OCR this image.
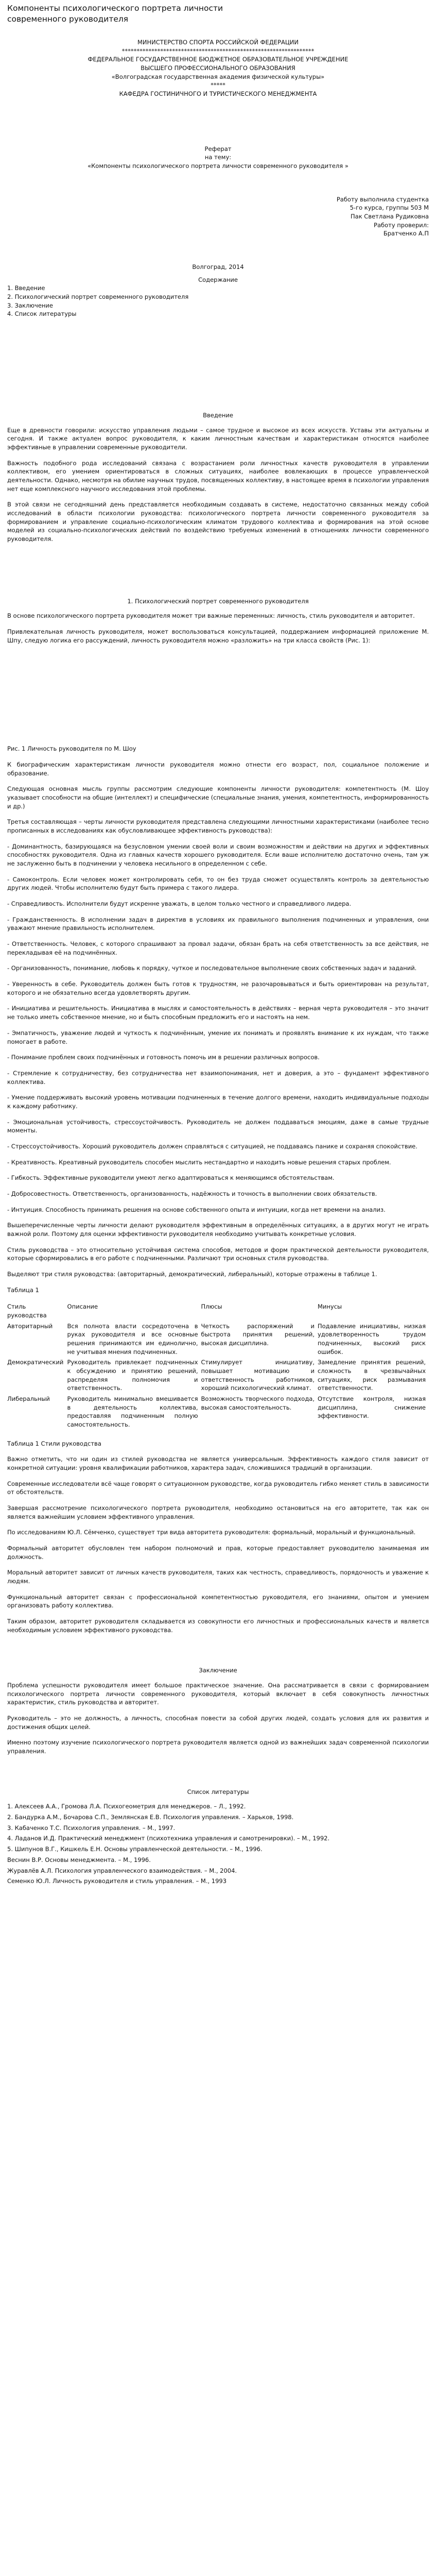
Компоненты психологического портрета личности современного руководителя

МИНИСТЕРСТВО СПОРТА РОССИЙСКОЙ ФЕДЕРАЦИИ

*****************************************************************

ФЕДЕРАЛЬНОЕ ГОСУДАРСТВЕННОЕ БЮДЖЕТНОЕ ОБРАЗОВАТЕЛЬНОЕ УЧРЕЖДЕНИЕ

ВЫСШЕГО ПРОФЕССИОНАЛЬНОГО ОБРАЗОВАНИЯ

«Волгоградская государственная академия физической культуры»

*****

КАФЕДРА ГОСТИНИЧНОГО И ТУРИСТИЧЕСКОГО МЕНЕДЖМЕНТА

Реферат

на тему:

«Компоненты психологического портрета личности современного руководителя »

Работу выполнила студентка
5-го курса, группы 503 М
Пак Светлана Рудиковна
Работу проверил:
Братченко А.П

Волгоград, 2014

Содержание

1. Введение
2. Психологический портрет современного руководителя
3. Заключение
4. Список литературы

Введение

Еще в древности говорили: искусство управления людьми – самое трудное и высокое из всех искусств. Уставы эти актуальны и сегодня. И также актуален вопрос руководителя, к каким личностным качествам и характеристикам относятся наиболее эффективные в управлении современные руководители.

Важность подобного рода исследований связана с возрастанием роли личностных качеств руководителя в управлении коллективом, его умением ориентироваться в сложных ситуациях, наиболее вовлекающих в процессе управленческой деятельности. Однако, несмотря на обилие научных трудов, посвященных коллективу, в настоящее время в психологии управления нет еще комплексного научного исследования этой проблемы.

В этой связи не сегодняшний день представляется необходимым создавать в системе, недостаточно связанных между собой исследований в области психологии руководства: психологического портрета личности современного руководителя за формированием и управление социально-психологическим климатом трудового коллектива и формирования на этой основе моделей из социально-психологических действий по воздействию требуемых изменений в отношениях личности современного руководителя.

1. Психологический портрет современного руководителя

В основе психологического портрета руководителя может три важные переменных: личность, стиль руководителя и авторитет.

Привлекательная личность руководителя, может воспользоваться консультацией, поддержанием информацией приложение М. Шпу, следую логика его рассуждений, личность руководителя можно «разложить» на три класса свойств (Рис. 1):

Рис. 1 Личность руководителя по М. Шоу

К биографическим характеристикам личности руководителя можно отнести его возраст, пол, социальное положение и образование.

Следующая основная мысль группы рассмотрим следующие компоненты личности руководителя: компетентность (М. Шоу указывает способности на общие (интеллект) и специфические (специальные знания, умения, компетентность, информированность и др.)

Третья составляющая – черты личности руководителя представлена следующими личностными характеристиками (наиболее тесно прописанных в исследованиях как обусловливающее эффективность руководства):

- Доминантность, базирующаяся на безусловном умении своей воли и своим возможностям и действии на других и эффективных способностях руководителя. Одна из главных качеств хорошего руководителя. Если ваше исполнителю достаточно очень, там уж не заслуженно быть в подчинении у человека несильного в определенном с себе.

- Самоконтроль. Если человек может контролировать себя, то он без труда сможет осуществлять контроль за деятельностью других людей. Чтобы исполнителю будут быть примера с такого лидера.

- Справедливость. Исполнители будут искренне уважать, в целом только честного и справедливого лидера.

- Гражданственность. В исполнении задач в директив в условиях их правильного выполнения подчиненных и управления, они уважают мнение правильность исполнителем.

- Ответственность. Человек, с которого спрашивают за провал задачи, обязан брать на себя ответственность за все действия, не перекладывая её на подчинённых.

- Организованность, понимание, любовь к порядку, чуткое и последовательное выполнение своих собственных задач и заданий.

- Уверенность в себе. Руководитель должен быть готов к трудностям, не разочаровываться и быть ориентирован на результат, которого и не обязательно всегда удовлетворять другим.

- Инициатива и решительность. Инициатива в мыслях и самостоятельность в действиях – верная черта руководителя – это значит не только иметь собственное мнение, но и быть способным предложить его и настоять на нем.

- Эмпатичность, уважение людей и чуткость к подчинённым, умение их понимать и проявлять внимание к их нуждам, что также помогает в работе.

- Понимание проблем своих подчинённых и готовность помочь им в решении различных вопросов.

- Стремление к сотрудничеству, без сотрудничества нет взаимопонимания, нет и доверия, а это – фундамент эффективного коллектива.

- Умение поддерживать высокий уровень мотивации подчиненных в течение долгого времени, находить индивидуальные подходы к каждому работнику.

- Эмоциональная устойчивость, стрессоустойчивость. Руководитель не должен поддаваться эмоциям, даже в самые трудные моменты.

- Стрессоустойчивость. Хороший руководитель должен справляться с ситуацией, не поддаваясь панике и сохраняя спокойствие.

- Креативность. Креативный руководитель способен мыслить нестандартно и находить новые решения старых проблем.

- Гибкость. Эффективные руководители умеют легко адаптироваться к меняющимся обстоятельствам.

- Добросовестность. Ответственность, организованность, надёжность и точность в выполнении своих обязательств.

- Интуиция. Способность принимать решения на основе собственного опыта и интуиции, когда нет времени на анализ.

Вышеперечисленные черты личности делают руководителя эффективным в определённых ситуациях, а в других могут не играть важной роли. Поэтому для оценки эффективности руководителя необходимо учитывать конкретные условия.

Стиль руководства – это относительно устойчивая система способов, методов и форм практической деятельности руководителя, которые сформировались в его работе с подчиненными. Различают три основных стиля руководства.

Выделяют три стиля руководства: (авторитарный, демократический, либеральный), которые отражены в таблице 1.

Таблица 1

Стиль руководства	Описание	Плюсы	Минусы
Авторитарный	Вся полнота власти сосредоточена в руках руководителя и все основные решения принимаются им единолично, не учитывая мнения подчиненных.	Четкость распоряжений и быстрота принятия решений, высокая дисциплина.	Подавление инициативы, низкая удовлетворенность трудом подчиненных, высокий риск ошибок.
Демократический	Руководитель привлекает подчиненных к обсуждению и принятию решений, распределяя полномочия и ответственность.	Стимулирует инициативу, повышает мотивацию и ответственность работников, хороший психологический климат.	Замедление принятия решений, сложность в чрезвычайных ситуациях, риск размывания ответственности.
Либеральный	Руководитель минимально вмешивается в деятельность коллектива, предоставляя подчиненным полную самостоятельность.	Возможность творческого подхода, высокая самостоятельность.	Отсутствие контроля, низкая дисциплина, снижение эффективности.

Таблица 1 Стили руководства

Важно отметить, что ни один из стилей руководства не является универсальным. Эффективность каждого стиля зависит от конкретной ситуации: уровня квалификации работников, характера задач, сложившихся традиций в организации.

Современные исследователи всё чаще говорят о ситуационном руководстве, когда руководитель гибко меняет стиль в зависимости от обстоятельств.

Завершая рассмотрение психологического портрета руководителя, необходимо остановиться на его авторитете, так как он является важнейшим условием эффективного управления.

По исследованиям Ю.Л. Сёмченко, существует три вида авторитета руководителя: формальный, моральный и функциональный.

Формальный авторитет обусловлен тем набором полномочий и прав, которые предоставляет руководителю занимаемая им должность.

Моральный авторитет зависит от личных качеств руководителя, таких как честность, справедливость, порядочность и уважение к людям.

Функциональный авторитет связан с профессиональной компетентностью руководителя, его знаниями, опытом и умением организовать работу коллектива.

Таким образом, авторитет руководителя складывается из совокупности его личностных и профессиональных качеств и является необходимым условием эффективного руководства.

Заключение

Проблема успешности руководителя имеет большое практическое значение. Она рассматривается в связи с формированием психологического портрета личности современного руководителя, который включает в себя совокупность личностных характеристик, стиль руководства и авторитет.

Руководитель – это не должность, а личность, способная повести за собой других людей, создать условия для их развития и достижения общих целей.

Именно поэтому изучение психологического портрета руководителя является одной из важнейших задач современной психологии управления.

Список литературы

1. Алексеев А.А., Громова Л.А. Психогеометрия для менеджеров. – Л., 1992.

2. Бандурка А.М., Бочарова С.П., Землянская Е.В. Психология управления. – Харьков, 1998.

3. Кабаченко Т.С. Психология управления. – М., 1997.

4. Ладанов И.Д. Практический менеджмент (психотехника управления и самотренировки). – М., 1992.

5. Шипунов В.Г., Кишкель Е.Н. Основы управленческой деятельности. – М., 1996.

Веснин В.Р. Основы менеджмента. – М., 1996.

Журавлёв А.Л. Психология управленческого взаимодействия. – М., 2004.

Семенко Ю.Л. Личность руководителя и стиль управления. – М., 1993
